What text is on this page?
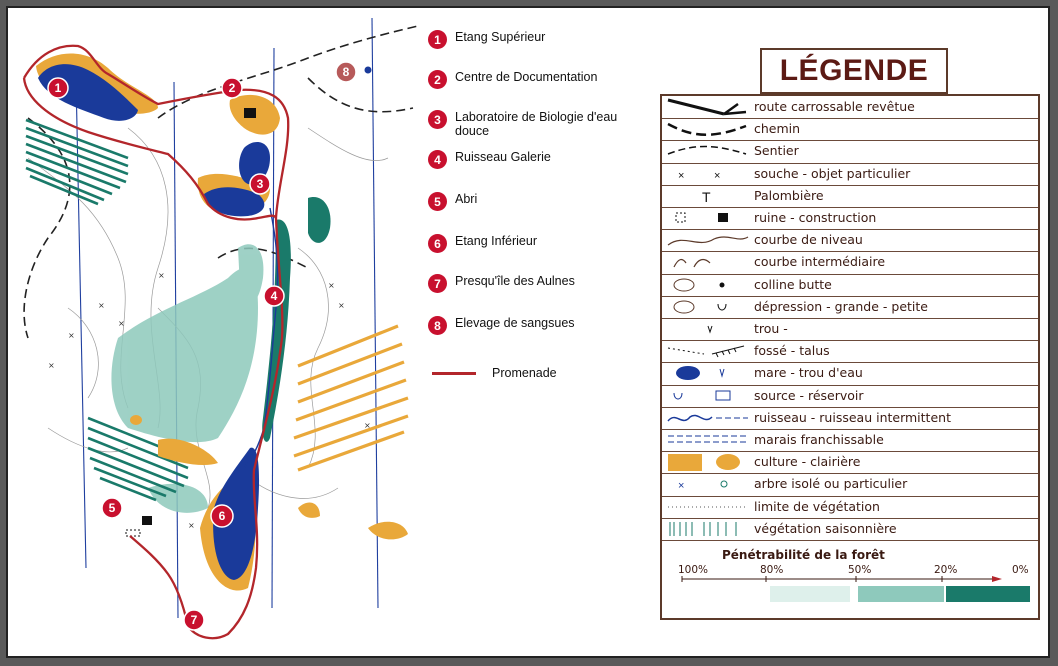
1	2
3
4
5
6
7
8
×
×
×
×
×
×
×
×
×
1	Etang Supérieur
2	Centre de Documentation
3	Laboratoire de Biologie d'eau douce
4	Ruisseau Galerie
5	Abri
6	Etang Inférieur
7	Presqu'île des Aulnes
8	Elevage de sangsues
Promenade
LÉGENDE
route carrossable revêtue
chemin
Sentier
×	×	souche - objet particulier
T	Palombière
ruine - construction
courbe de niveau
courbe intermédiaire
colline butte
dépression - grande - petite
trou -
fossé - talus
mare - trou d'eau
source - réservoir
ruisseau - ruisseau intermittent
marais franchissable
culture - clairière
×	arbre isolé ou particulier
limite de végétation
végétation saisonnière
Pénétrabilité de la forêt
100%	80%	50%	20%	0%
